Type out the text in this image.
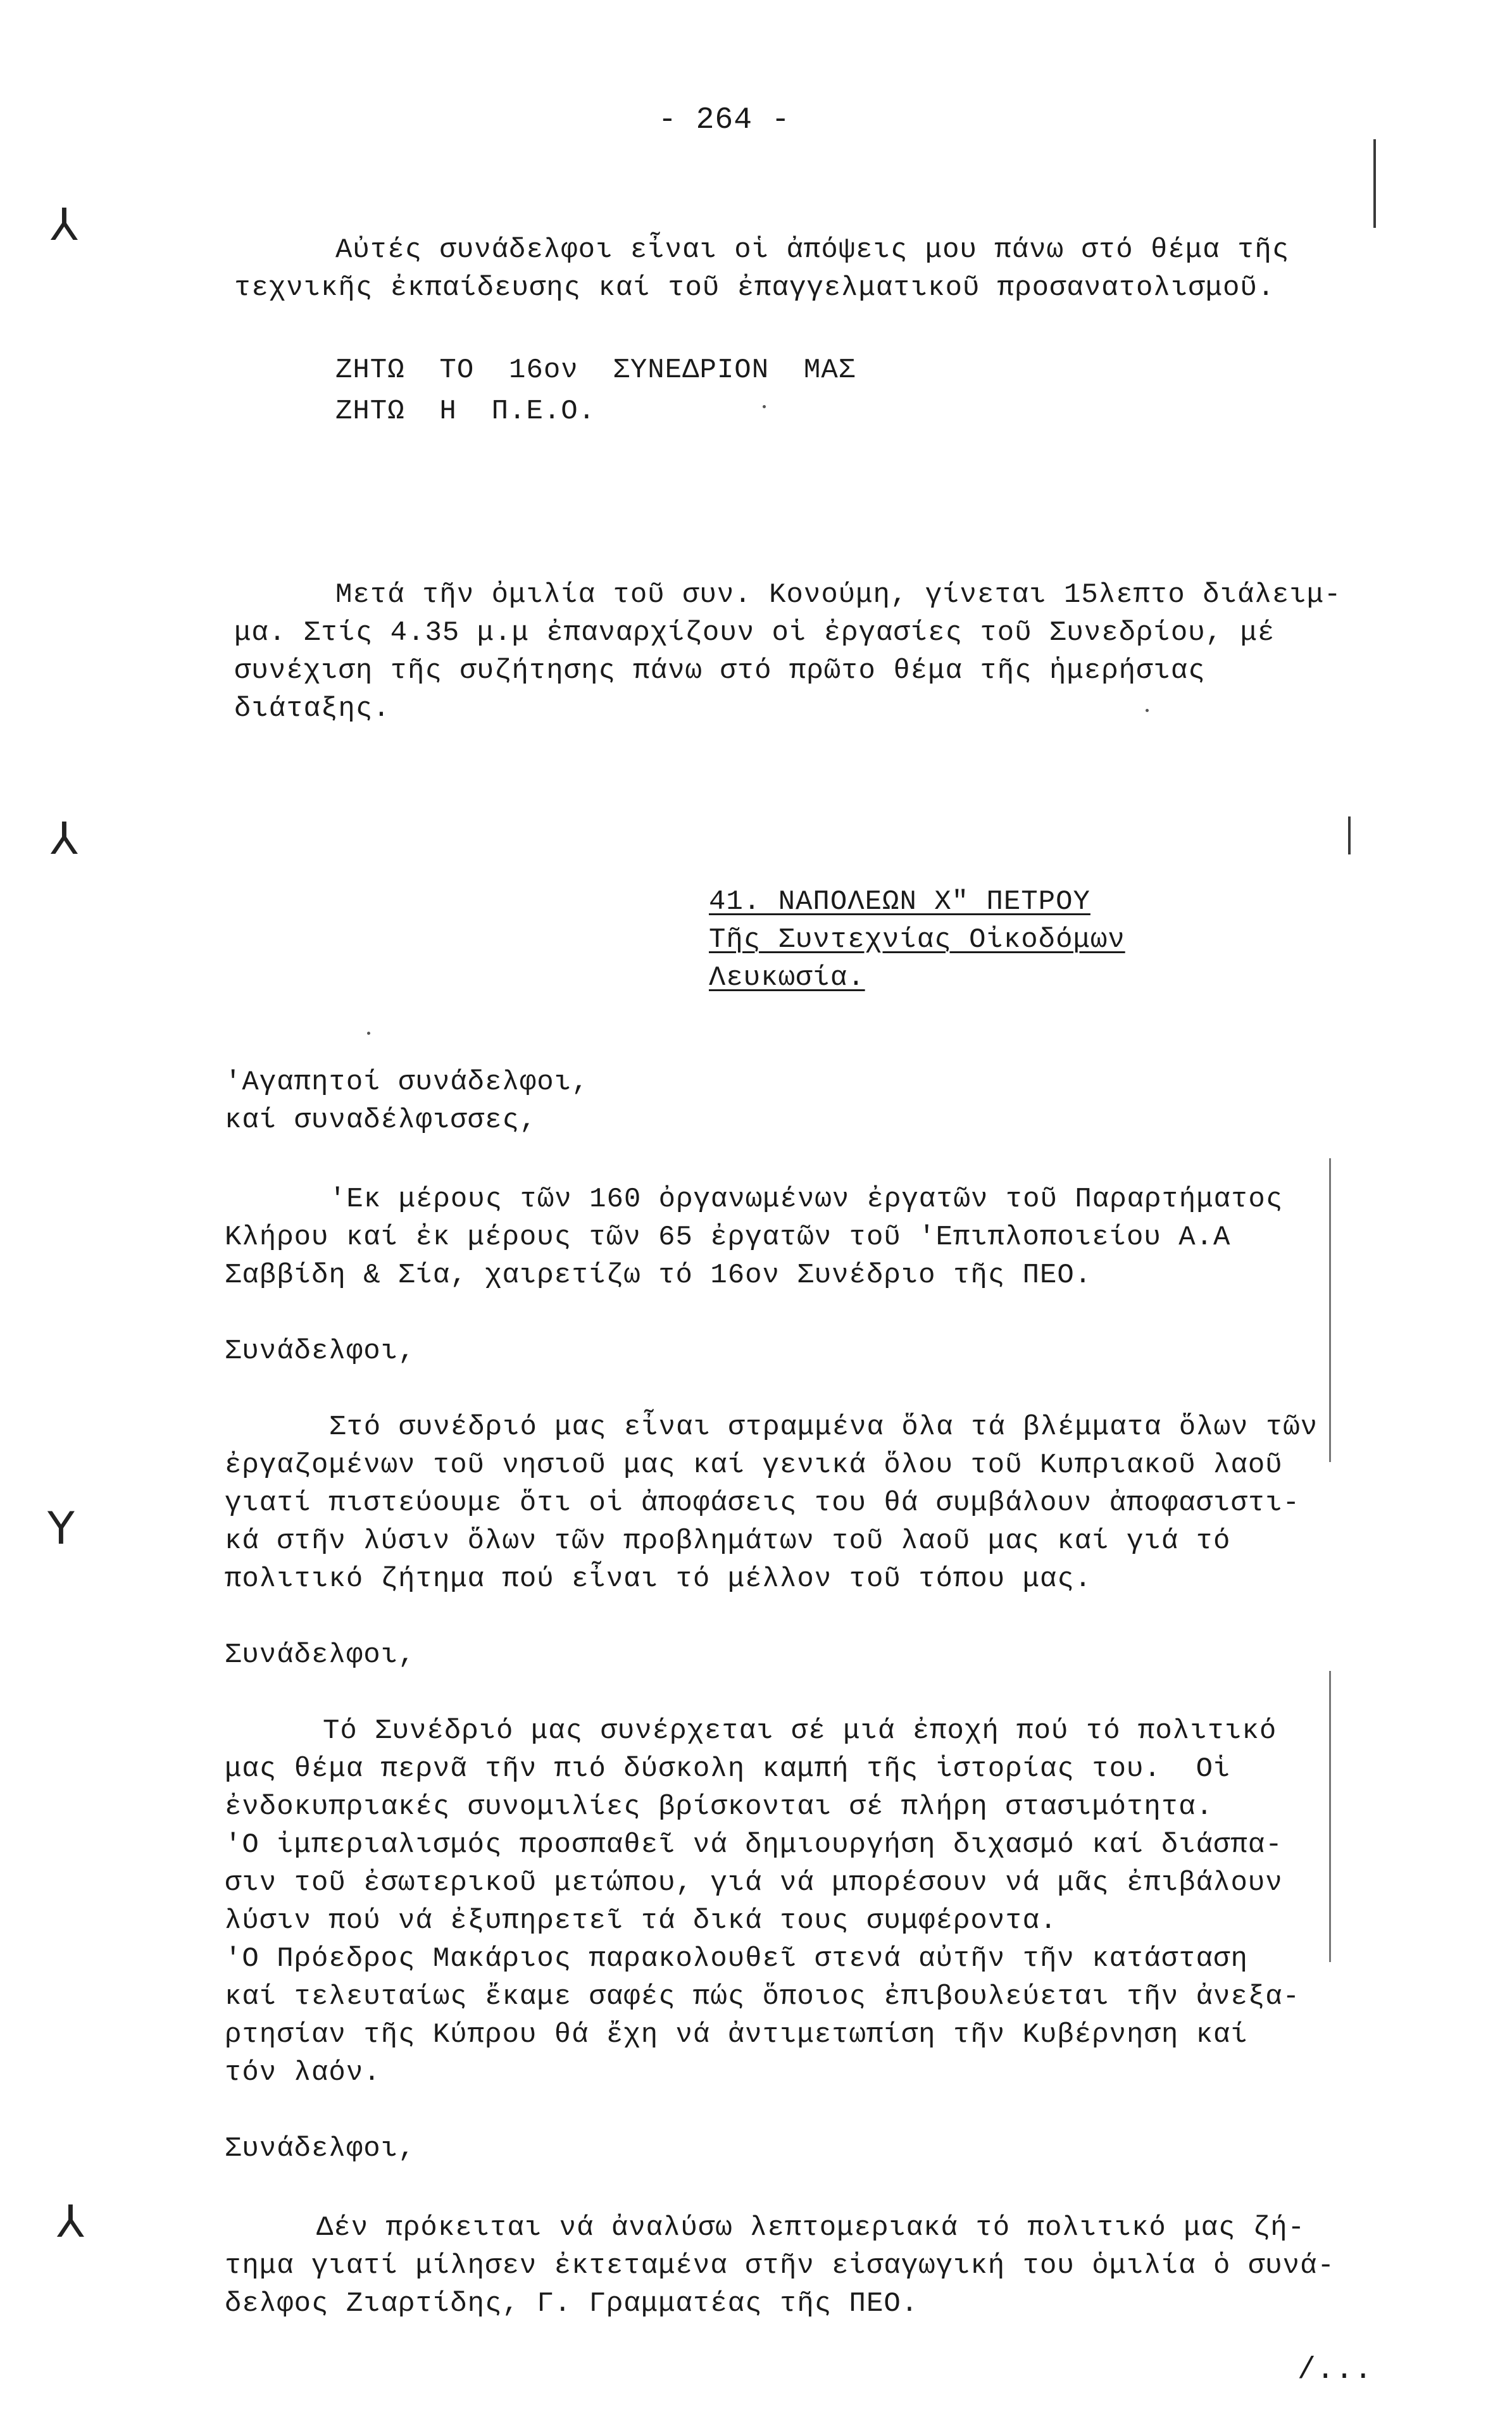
- 264 -
⅄
⅄
Y
⅄
Αὐτές συνάδελφοι εἶναι οἱ ἀπόψεις μου πάνω στό θέμα τῆς
τεχνικῆς ἐκπαίδευσης καί τοῦ ἐπαγγελματικοῦ προσανατολισμοῦ.
ΖΗΤΩ  ΤΟ  16ον  ΣΥΝΕΔΡΙΟΝ  ΜΑΣ
ΖΗΤΩ  Η  Π.Ε.Ο.
Μετά τῆν ὀμιλία τοῦ συν. Κονούμη, γίνεται 15λεπτο διάλειμ-
μα. Στίς 4.35 μ.μ ἐπαναρχίζουν οἱ ἐργασίες τοῦ Συνεδρίου, μέ
συνέχιση τῆς συζήτησης πάνω στό πρῶτο θέμα τῆς ἡμερήσιας
διάταξης.
41. ΝΑΠΟΛΕΩΝ Χ" ΠΕΤΡΟΥ
Τῆς Συντεχνίας Οἰκοδόμων
Λευκωσία.
'Αγαπητοί συνάδελφοι,
καί συναδέλφισσες,
'Εκ μέρους τῶν 160 ὀργανωμένων ἐργατῶν τοῦ Παραρτήματος
Κλήρου καί ἐκ μέρους τῶν 65 ἐργατῶν τοῦ 'Επιπλοποιείου Α.Α
Σαββίδη & Σία, χαιρετίζω τό 16ον Συνέδριο τῆς ΠΕΟ.
Συνάδελφοι,
Στό συνέδριό μας εἶναι στραμμένα ὅλα τά βλέμματα ὅλων τῶν
ἐργαζομένων τοῦ νησιοῦ μας καί γενικά ὅλου τοῦ Κυπριακοῦ λαοῦ
γιατί πιστεύουμε ὅτι οἱ ἀποφάσεις του θά συμβάλουν ἀποφασιστι-
κά στῆν λύσιν ὅλων τῶν προβλημάτων τοῦ λαοῦ μας καί γιά τό
πολιτικό ζήτημα πού εἶναι τό μέλλον τοῦ τόπου μας.
Συνάδελφοι,
Τό Συνέδριό μας συνέρχεται σέ μιά ἐποχή πού τό πολιτικό
μας θέμα περνᾶ τῆν πιό δύσκολη καμπή τῆς ἱστορίας του.  Οἱ
ἐνδοκυπριακές συνομιλίες βρίσκονται σέ πλήρη στασιμότητα.
'Ο ἰμπεριαλισμός προσπαθεῖ νά δημιουργήση διχασμό καί διάσπα-
σιν τοῦ ἐσωτερικοῦ μετώπου, γιά νά μπορέσουν νά μᾶς ἐπιβάλουν
λύσιν πού νά ἐξυπηρετεῖ τά δικά τους συμφέροντα.
'Ο Πρόεδρος Μακάριος παρακολουθεῖ στενά αὐτῆν τῆν κατάσταση
καί τελευταίως ἔκαμε σαφές πώς ὅποιος ἐπιβουλεύεται τῆν ἀνεξα-
ρτησίαν τῆς Κύπρου θά ἔχη νά ἀντιμετωπίση τῆν Κυβέρνηση καί
τόν λαόν.
Συνάδελφοι,
Δέν πρόκειται νά ἀναλύσω λεπτομεριακά τό πολιτικό μας ζή-
τημα γιατί μίλησεν ἐκτεταμένα στῆν εἰσαγωγική του ὁμιλία ὁ συνά-
δελφος Ζιαρτίδης, Γ. Γραμματέας τῆς ΠΕΟ.
/...
